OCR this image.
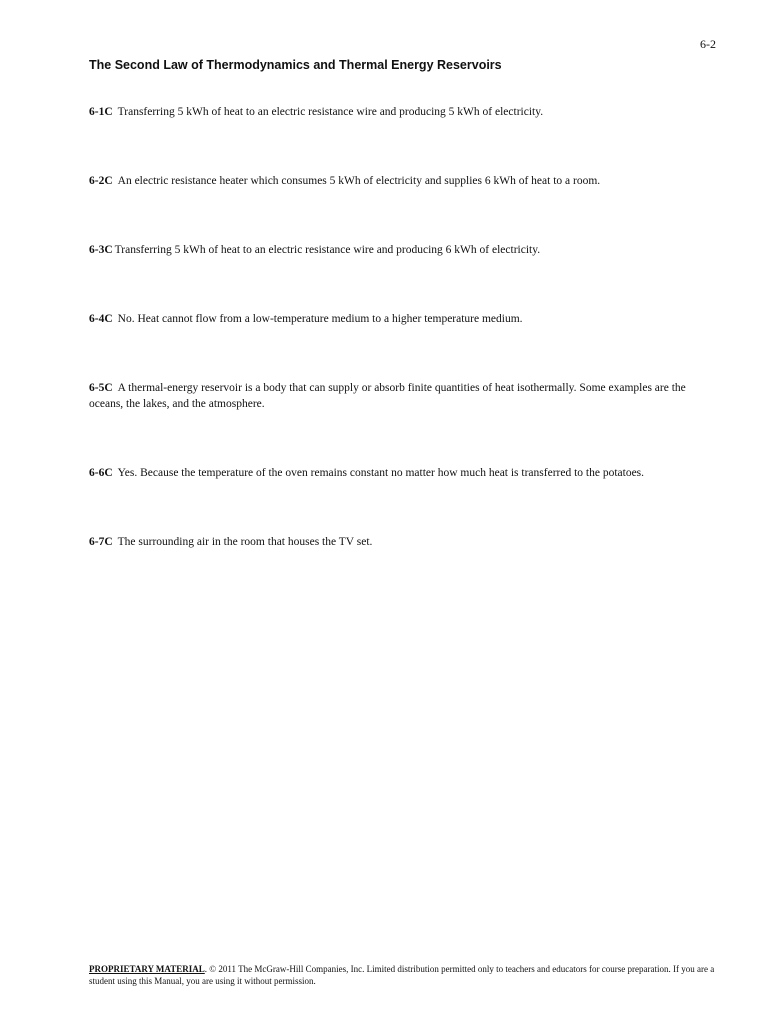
6-2
The Second Law of Thermodynamics and Thermal Energy Reservoirs
6-1C Transferring 5 kWh of heat to an electric resistance wire and producing 5 kWh of electricity.
6-2C An electric resistance heater which consumes 5 kWh of electricity and supplies 6 kWh of heat to a room.
6-3C Transferring 5 kWh of heat to an electric resistance wire and producing 6 kWh of electricity.
6-4C No. Heat cannot flow from a low-temperature medium to a higher temperature medium.
6-5C A thermal-energy reservoir is a body that can supply or absorb finite quantities of heat isothermally. Some examples are the oceans, the lakes, and the atmosphere.
6-6C Yes. Because the temperature of the oven remains constant no matter how much heat is transferred to the potatoes.
6-7C The surrounding air in the room that houses the TV set.
PROPRIETARY MATERIAL. © 2011 The McGraw-Hill Companies, Inc. Limited distribution permitted only to teachers and educators for course preparation. If you are a student using this Manual, you are using it without permission.
